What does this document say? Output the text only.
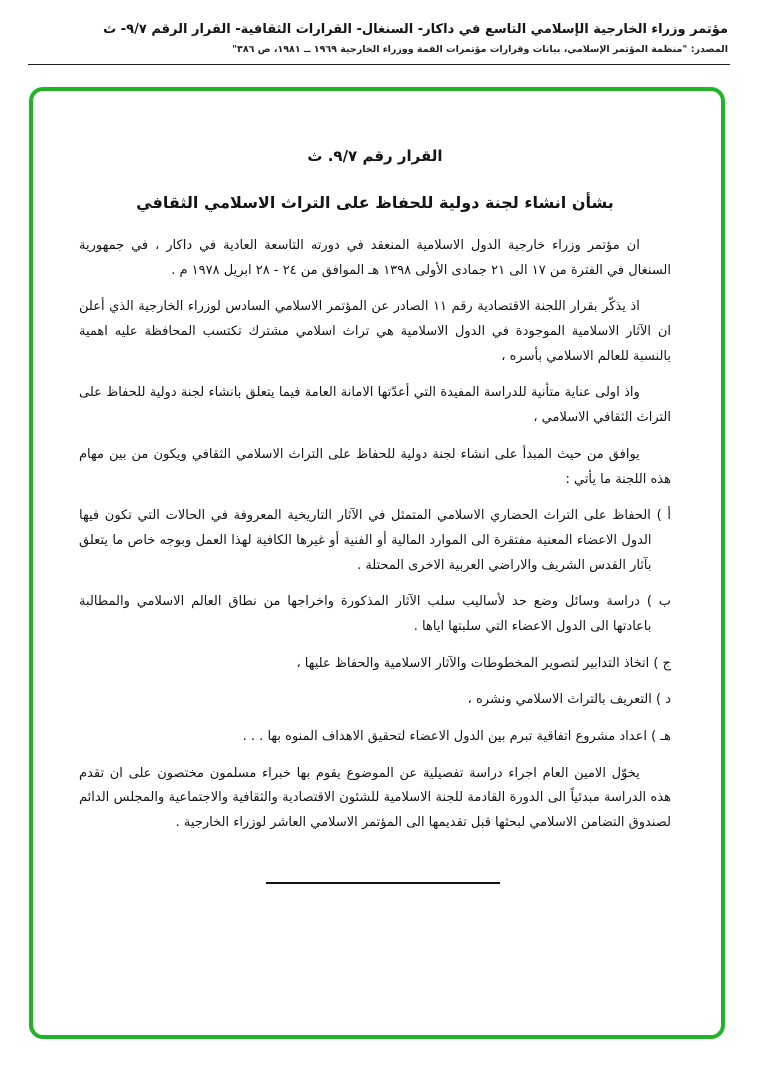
مؤتمر وزراء الخارجية الإسلامي التاسع في داكار- السنغال- القرارات الثقافية- القرار الرقم ٩/٧- ث
المصدر: "منظمة المؤتمر الإسلامي، بيانات وقرارات مؤتمرات القمة ووزراء الخارجية ١٩٦٩ ــ ١٩٨١، ص ٣٨٦"
القرار رقم ٩/٧. ث
بشأن انشاء لجنة دولية للحفاظ على التراث الاسلامي الثقافي

ان مؤتمر وزراء خارجية الدول الاسلامية المنعقد في دورته التاسعة العادية في داكار ، في جمهورية السنغال في الفترة من ١٧ الى ٢١ جمادى الأولى ١٣٩٨ هـ الموافق من ٢٤ - ٢٨ ابريل ١٩٧٨ م .

اذ يذكّر بقرار اللجنة الاقتصادية رقم ١١ الصادر عن المؤتمر الاسلامي السادس لوزراء الخارجية الذي أعلن ان الآثار الاسلامية الموجودة في الدول الاسلامية هي تراث اسلامي مشترك تكتسب المحافظة عليه اهمية بالنسبة للعالم الاسلامي بأسره ،

واذ اولى عناية متأنية للدراسة المفيدة التي أعدّتها الامانة العامة فيما يتعلق بانشاء لجنة دولية للحفاظ على التراث الثقافي الاسلامي ،

يوافق من حيث المبدأ على انشاء لجنة دولية للحفاظ على التراث الاسلامي الثقافي ويكون من بين مهام هذه اللجنة ما يأتي :

أ ) الحفاظ على التراث الحضاري الاسلامي المتمثل في الآثار التاريخية المعروفة في الحالات التي تكون فيها الدول الاعضاء المعنية مفتقرة الى الموارد المالية أو الفنية أو غيرها الكافية لهذا العمل وبوجه خاص ما يتعلق بآثار القدس الشريف والاراضي العربية الاخرى المحتلة .
ب ) دراسة وسائل وضع حد لأساليب سلب الآثار المذكورة واخراجها من نطاق العالم الاسلامي والمطالبة باعادتها الى الدول الاعضاء التي سلبتها اياها .
ج ) اتخاذ التدابير لتصوير المخطوطات والآثار الاسلامية والحفاظ عليها ،
د ) التعريف بالتراث الاسلامي ونشره ،
هـ ) اعداد مشروع اتفاقية تبرم بين الدول الاعضاء لتحقيق الاهداف المنوه بها . . .

يخوّل الامين العام اجراء دراسة تفصيلية عن الموضوع يقوم بها خبراء مسلمون مختصون على ان تقدم هذه الدراسة مبدئياً الى الدورة القادمة للجنة الاسلامية للشئون الاقتصادية والثقافية والاجتماعية والمجلس الدائم لصندوق التضامن الاسلامي لبحثها قبل تقديمها الى المؤتمر الاسلامي العاشر لوزراء الخارجية .
